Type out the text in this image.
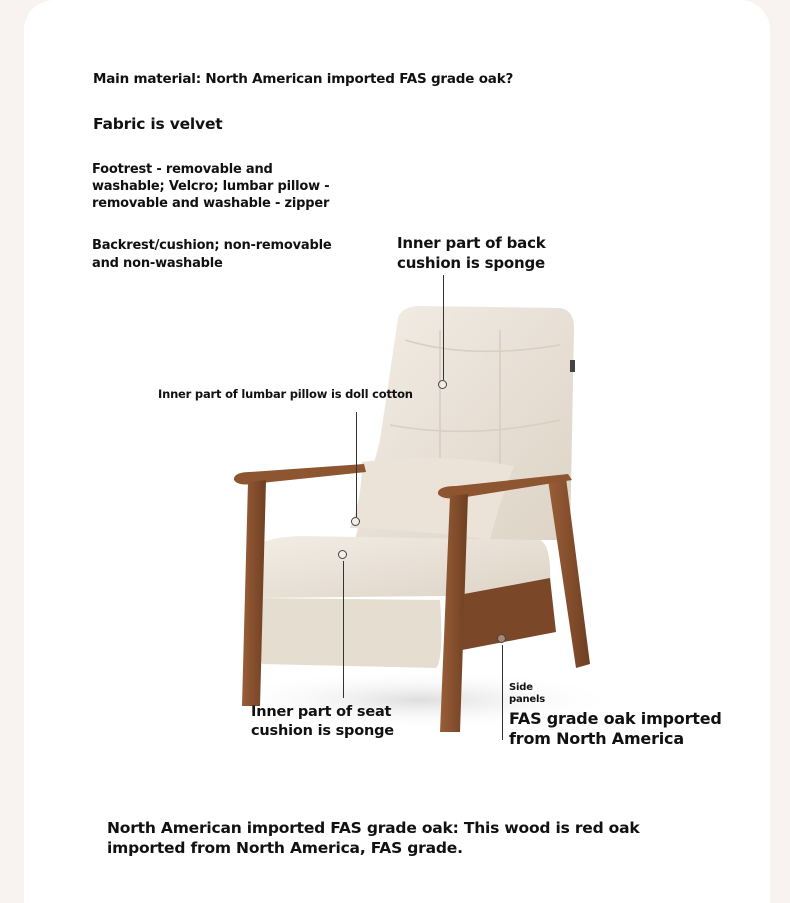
Main material: North American imported FAS grade oak?

Fabric is velvet

Footrest - removable and
washable; Velcro; lumbar pillow -
removable and washable - zipper

Backrest/cushion; non-removable
and non-washable

Inner part of back
cushion is sponge

Inner part of lumbar pillow is doll cotton

Inner part of seat
cushion is sponge

Side
panels

FAS grade oak imported
from North America

North American imported FAS grade oak: This wood is red oak
imported from North America, FAS grade.
